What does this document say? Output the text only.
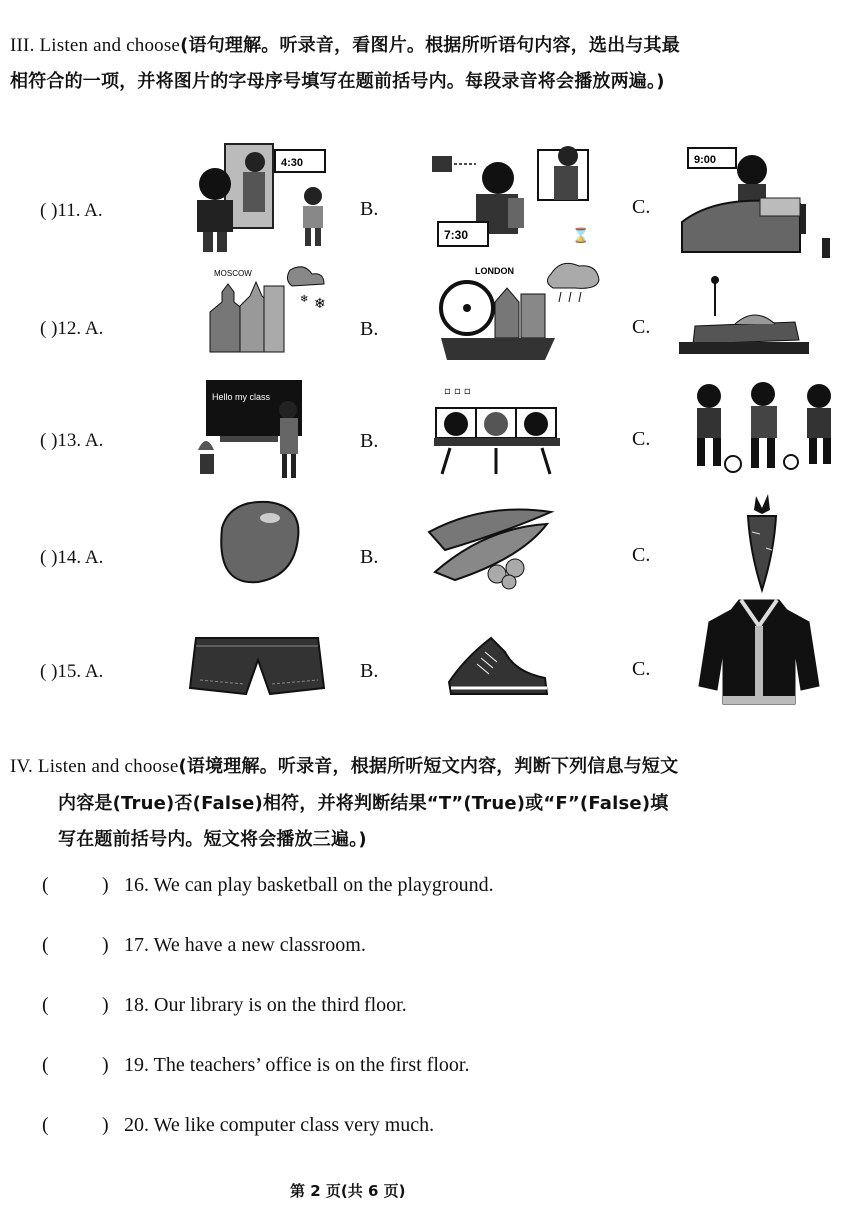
III. Listen and choose(语句理解。听录音，看图片。根据所听语句内容，选出与其最
相符合的一项，并将图片的字母序号填写在题前括号内。每段录音将会播放两遍。)
( )11. A.	B.	C.
4:30
7:30	⌛
9:00
( )12. A.	B.	C.
MOSCOW
❄
❄
LONDON
( )13. A.	B.	C.
Hello my class	▫ ▫ ▫
( )14. A.	B.	C.
( )15. A.	B.	C.
IV. Listen and choose(语境理解。听录音，根据所听短文内容，判断下列信息与短文
内容是(True)否(False)相符，并将判断结果“T”(True)或“F”(False)填
写在题前括号内。短文将会播放三遍。)
(	) 16. We can play basketball on the playground.
(	) 17. We have a new classroom.
(	) 18. Our library is on the third floor.
(	) 19. The teachers’ office is on the first floor.
(	) 20. We like computer class very much.
第 2 页(共 6 页)
